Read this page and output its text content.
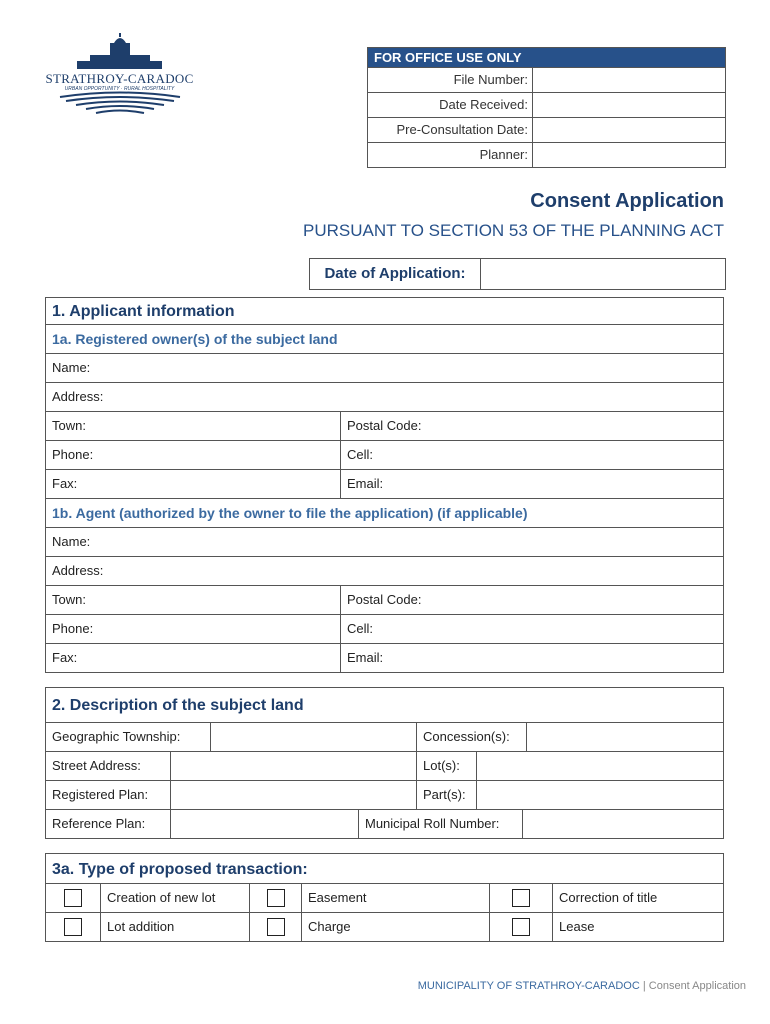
STRATHROY-CARADOC
URBAN OPPORTUNITY · RURAL HOSPITALITY
FOR OFFICE USE ONLY
File Number:
Date Received:
Pre-Consultation Date:
Planner:
Consent Application
PURSUANT TO SECTION 53 OF THE PLANNING ACT
Date of Application:
1. Applicant information
1a. Registered owner(s) of the subject land
Name:
Address:
Town:	Postal Code:
Phone:	Cell:
Fax:	Email:
1b. Agent (authorized by the owner to file the application) (if applicable)
Name:
Address:
Town:	Postal Code:
Phone:	Cell:
Fax:	Email:
2. Description of the subject land
Geographic Township:	Concession(s):
Street Address:	Lot(s):
Registered Plan:	Part(s):
Reference Plan:	Municipal Roll Number:
3a. Type of proposed transaction:
Creation of new lot	Easement	Correction of title
Lot addition	Charge	Lease
MUNICIPALITY OF STRATHROY-CARADOC | Consent Application
